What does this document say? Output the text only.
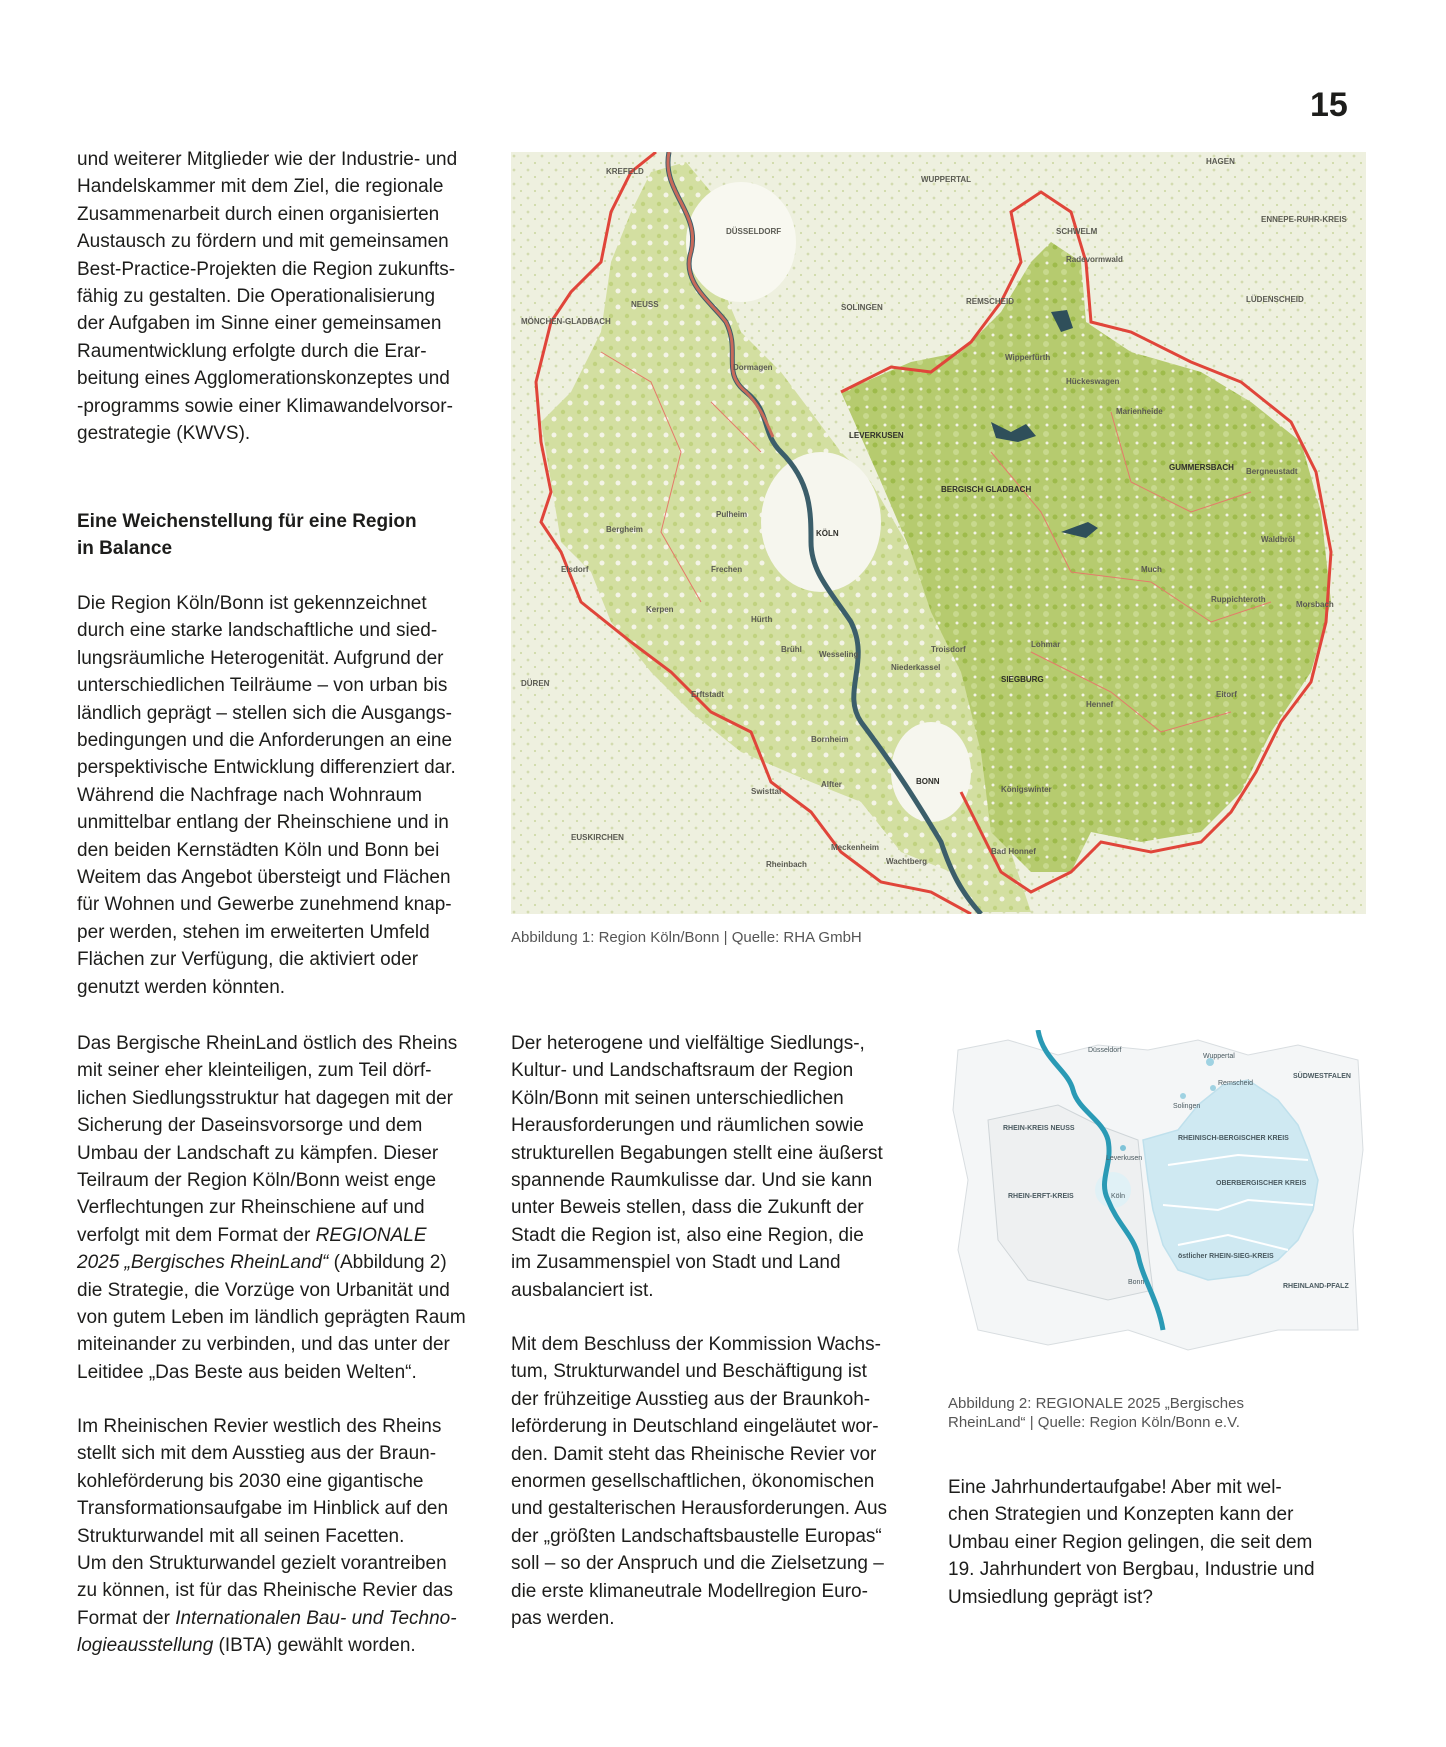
15

und weiterer Mitglieder wie der Industrie- und

Handelskammer mit dem Ziel, die regionale

Zusammenarbeit durch einen organisierten

Austausch zu fördern und mit gemeinsamen

Best-Practice-Projekten die Region zukunfts-

fähig zu gestalten. Die Operationalisierung

der Aufgaben im Sinne einer gemeinsamen

Raumentwicklung erfolgte durch die Erar-

beitung eines Agglomerationskonzeptes und

-programms sowie einer Klimawandelvorsor-

gestrategie (KWVS).

Eine Weichenstellung für eine Region

in Balance

Die Region Köln/Bonn ist gekennzeichnet

durch eine starke landschaftliche und sied-

lungsräumliche Heterogenität. Aufgrund der

unterschiedlichen Teilräume – von urban bis

ländlich geprägt – stellen sich die Ausgangs-

bedingungen und die Anforderungen an eine

perspektivische Entwicklung differenziert dar.

Während die Nachfrage nach Wohnraum

unmittelbar entlang der Rheinschiene und in

den beiden Kernstädten Köln und Bonn bei

Weitem das Angebot übersteigt und Flächen

für Wohnen und Gewerbe zunehmend knap-

per werden, stehen im erweiterten Umfeld

Flächen zur Verfügung, die aktiviert oder

genutzt werden könnten.

Das Bergische RheinLand östlich des Rheins

mit seiner eher kleinteiligen, zum Teil dörf-

lichen Siedlungsstruktur hat dagegen mit der

Sicherung der Daseinsvorsorge und dem

Umbau der Landschaft zu kämpfen. Dieser

Teilraum der Region Köln/Bonn weist enge

Verflechtungen zur Rheinschiene auf und

verfolgt mit dem Format der REGIONALE

2025 „Bergisches RheinLand“ (Abbildung 2)

die Strategie, die Vorzüge von Urbanität und

von gutem Leben im ländlich geprägten Raum

miteinander zu verbinden, und das unter der

Leitidee „Das Beste aus beiden Welten“.

Im Rheinischen Revier westlich des Rheins

stellt sich mit dem Ausstieg aus der Braun-

kohleförderung bis 2030 eine gigantische

Transformationsaufgabe im Hinblick auf den

Strukturwandel mit all seinen Facetten.

Um den Strukturwandel gezielt vorantreiben

zu können, ist für das Rheinische Revier das

Format der Internationalen Bau- und Techno-

logieausstellung (IBTA) gewählt worden.

Der heterogene und vielfältige Siedlungs-,

Kultur- und Landschaftsraum der Region

Köln/Bonn mit seinen unterschiedlichen

Herausforderungen und räumlichen sowie

strukturellen Begabungen stellt eine äußerst

spannende Raumkulisse dar. Und sie kann

unter Beweis stellen, dass die Zukunft der

Stadt die Region ist, also eine Region, die

im Zusammenspiel von Stadt und Land

ausbalanciert ist.

Mit dem Beschluss der Kommission Wachs-

tum, Strukturwandel und Beschäftigung ist

der frühzeitige Ausstieg aus der Braunkoh-

leförderung in Deutschland eingeläutet wor-

den. Damit steht das Rheinische Revier vor

enormen gesellschaftlichen, ökonomischen

und gestalterischen Herausforderungen. Aus

der „größten Landschaftsbaustelle Europas“

soll – so der Anspruch und die Zielsetzung –

die erste klimaneutrale Modellregion Euro-

pas werden.

Eine Jahrhundertaufgabe! Aber mit wel-

chen Strategien und Konzepten kann der

Umbau einer Region gelingen, die seit dem

19. Jahrhundert von Bergbau, Industrie und

Umsiedlung geprägt ist?

KREFELD
DÜSSELDORF
WUPPERTAL
HAGEN
SCHWELM
ENNEPE-RUHR-KREIS
NEUSS	SOLINGEN
REMSCHEID
MÖNCHEN-GLADBACH
LÜDENSCHEID
Dormagen
LEVERKUSEN
Wipperfürth
Hückeswagen
Radevormwald
Marienheide
GUMMERSBACH Bergneustadt
BERGISCH GLADBACH
KÖLN
Kerpen
Frechen
Pulheim
Bergheim
Elsdorf
Erftstadt
Brühl
Hürth
Wesseling
Niederkassel
Troisdorf
SIEGBURG
Lohmar
Much
Ruppichteroth
Waldbröl
Morsbach
Eitorf
Hennef
BONN
Bornheim
Alfter
Meckenheim
Rheinbach
Swisttal
Wachtberg
Bad Honnef
Königswinter
DÜREN
EUSKIRCHEN
Abbildung 1: Region Köln/Bonn | Quelle: RHA GmbH
Düsseldorf
Wuppertal
SÜDWESTFALEN
Remscheid
Solingen
RHEIN-KREIS NEUSS
RHEINISCH-BERGISCHER KREIS
Leverkusen
OBERBERGISCHER KREIS
Köln
RHEIN-ERFT-KREIS
östlicher RHEIN-SIEG-KREIS
Bonn
RHEINLAND-PFALZ
Abbildung 2: REGIONALE 2025 „Bergisches
RheinLand“ | Quelle: Region Köln/Bonn e.V.
